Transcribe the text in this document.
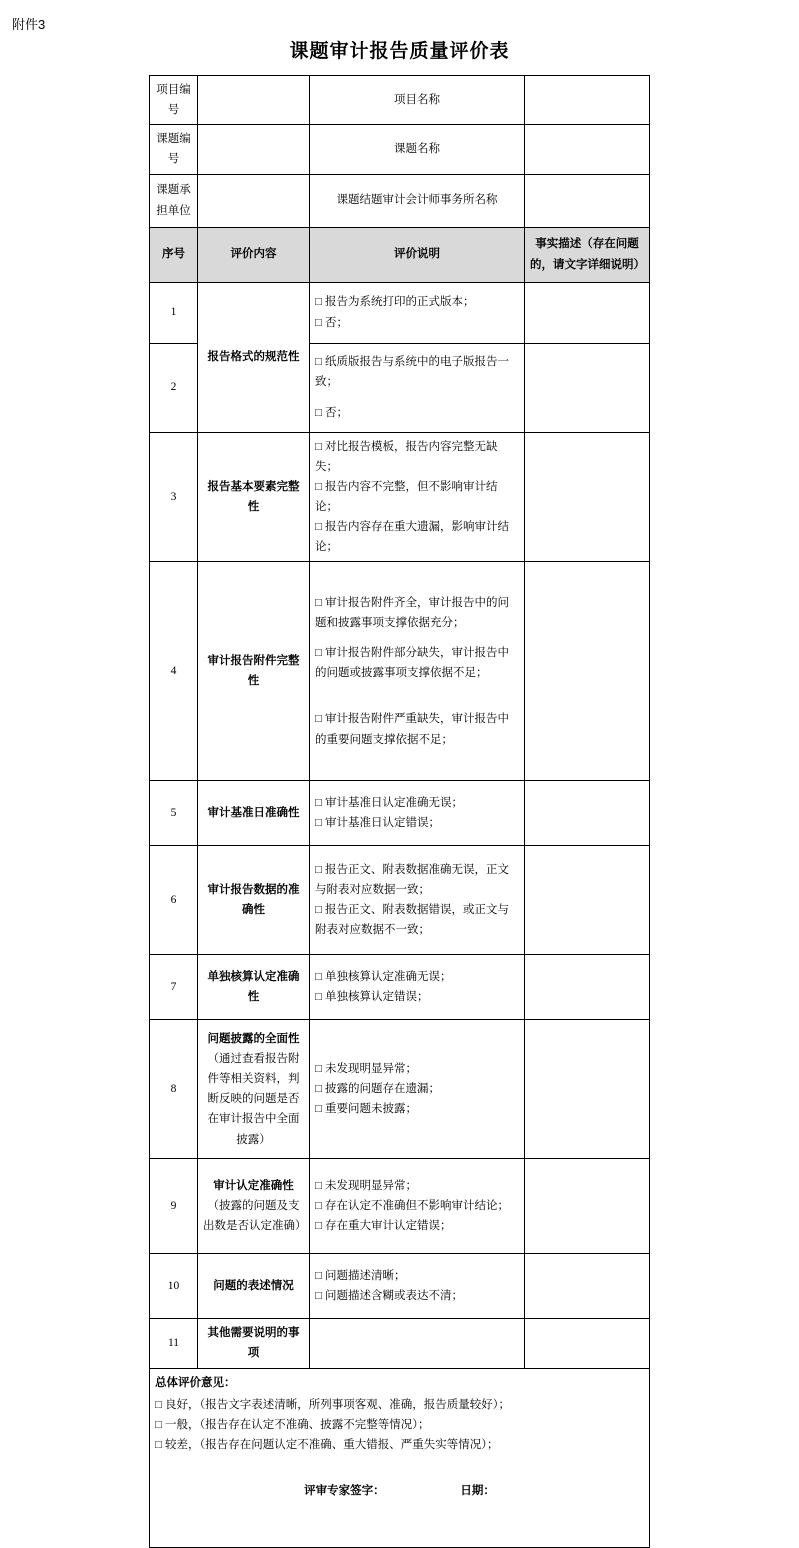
附件3
课题审计报告质量评价表
项目编号		项目名称	
课题编号		课题名称	
课题承担单位		课题结题审计会计师事务所名称	
序号	评价内容	评价说明	事实描述（存在问题的，请文字详细说明）
1	报告格式的规范性	□ 报告为系统打印的正式版本；
□ 否；	

2		□ 纸质版报告与系统中的电子版报告一致；
□ 否；	

3	报告基本要素完整性	□ 对比报告模板，报告内容完整无缺失；
□ 报告内容不完整，但不影响审计结论；
□ 报告内容存在重大遗漏，影响审计结论；	

4	审计报告附件完整性	□ 审计报告附件齐全，审计报告中的问题和披露事项支撑依据充分；
□ 审计报告附件部分缺失，审计报告中的问题或披露事项支撑依据不足；
□ 审计报告附件严重缺失，审计报告中的重要问题支撑依据不足；	

5	审计基准日准确性	□ 审计基准日认定准确无误；
□ 审计基准日认定错误；	

6	审计报告数据的准确性	□ 报告正文、附表数据准确无误，正文与附表对应数据一致；
□ 报告正文、附表数据错误，或正文与附表对应数据不一致；	

7	单独核算认定准确性	□ 单独核算认定准确无误；
□ 单独核算认定错误；	

8	问题披露的全面性
（通过查看报告附件等相关资料，判断反映的问题是否在审计报告中全面披露）	□ 未发现明显异常；
□ 披露的问题存在遗漏；
□ 重要问题未披露；	

9	审计认定准确性
（披露的问题及支出数是否认定准确）	□ 未发现明显异常；
□ 存在认定不准确但不影响审计结论；
□ 存在重大审计认定错误；	

10	问题的表述情况	□ 问题描述清晰；
□ 问题描述含糊或表达不清；	

11	其他需要说明的事项		

总体评价意见：
□ 良好，（报告文字表述清晰，所列事项客观、准确，报告质量较好）；
□ 一般，（报告存在认定不准确、披露不完整等情况）；
□ 较差，（报告存在问题认定不准确、重大错报、严重失实等情况）；
评审专家签字： 日期：			
